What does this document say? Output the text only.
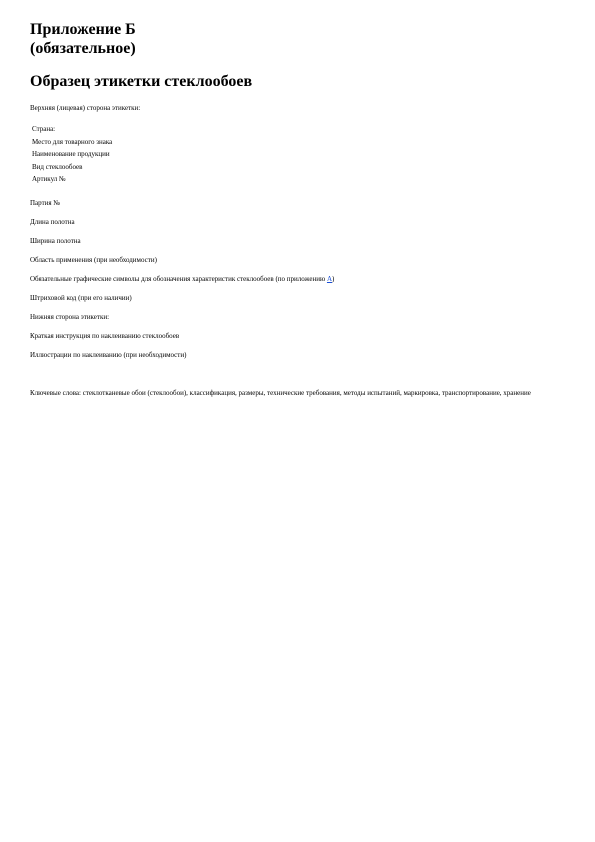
Приложение Б
(обязательное)
Образец этикетки стеклообоев
Верхняя (лицевая) сторона этикетки:
Страна:
Место для товарного знака
Наименование продукции
Вид стеклообоев
Артикул №
Партия №
Длина полотна
Ширина полотна
Область применения (при необходимости)
Обязательные графические символы для обозначения характеристик стеклообоев (по приложению А)
Штриховой код (при его наличии)
Нижняя сторона этикетки:
Краткая инструкция по наклеиванию стеклообоев
Иллюстрации по наклеиванию (при необходимости)
Ключевые слова: стеклотканевые обои (стеклообои), классификация, размеры, технические требования, методы испытаний, маркировка, транспортирование, хранение
